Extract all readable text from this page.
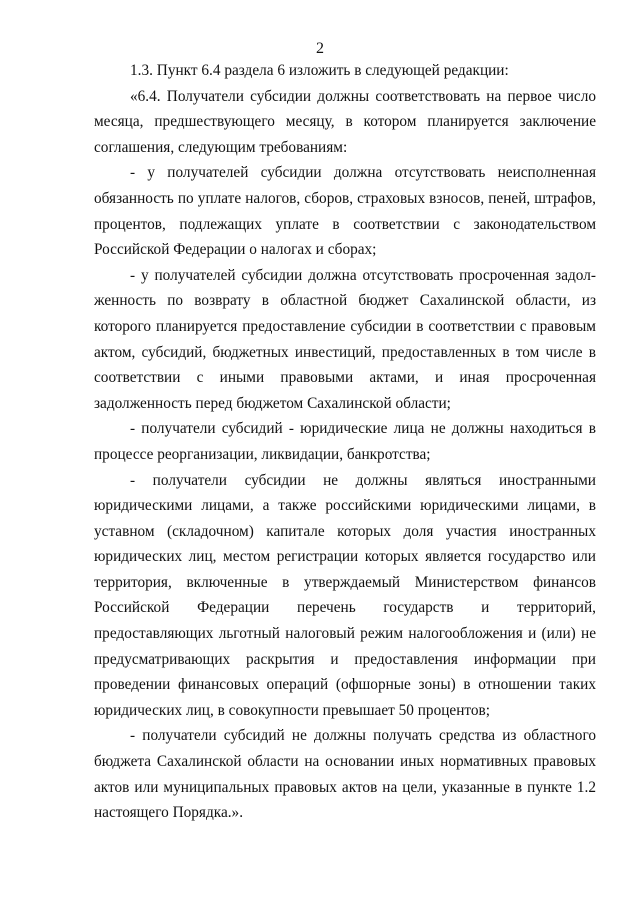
2

1.3. Пункт 6.4 раздела 6 изложить в следующей редакции:

«6.4. Получатели субсидии должны соответствовать на первое число месяца, предшествующего месяцу, в котором планируется заключение соглашения, следующим требованиям:

- у получателей субсидии должна отсутствовать неисполненная обязанность по уплате налогов, сборов, страховых взносов, пеней, штрафов, процентов, подлежащих уплате в соответствии с законодательством Российской Федерации о налогах и сборах;

- у получателей субсидии должна отсутствовать просроченная задолженность по возврату в областной бюджет Сахалинской области, из которого планируется предоставление субсидии в соответствии с правовым актом, субсидий, бюджетных инвестиций, предоставленных в том числе в соответствии с иными правовыми актами, и иная просроченная задолженность перед бюджетом Сахалинской области;

- получатели субсидий - юридические лица не должны находиться в процессе реорганизации, ликвидации, банкротства;

- получатели субсидии не должны являться иностранными юридическими лицами, а также российскими юридическими лицами, в уставном (складочном) капитале которых доля участия иностранных юридических лиц, местом регистрации которых является государство или территория, включенные в утверждаемый Министерством финансов Российской Федерации перечень государств и территорий, предоставляющих льготный налоговый режим налогообложения и (или) не предусматривающих раскрытия и предоставления информации при проведении финансовых операций (офшорные зоны) в отношении таких юридических лиц, в совокупности превышает 50 процентов;

- получатели субсидий не должны получать средства из областного бюджета Сахалинской области на основании иных нормативных правовых актов или муниципальных правовых актов на цели, указанные в пункте 1.2 настоящего Порядка.».
